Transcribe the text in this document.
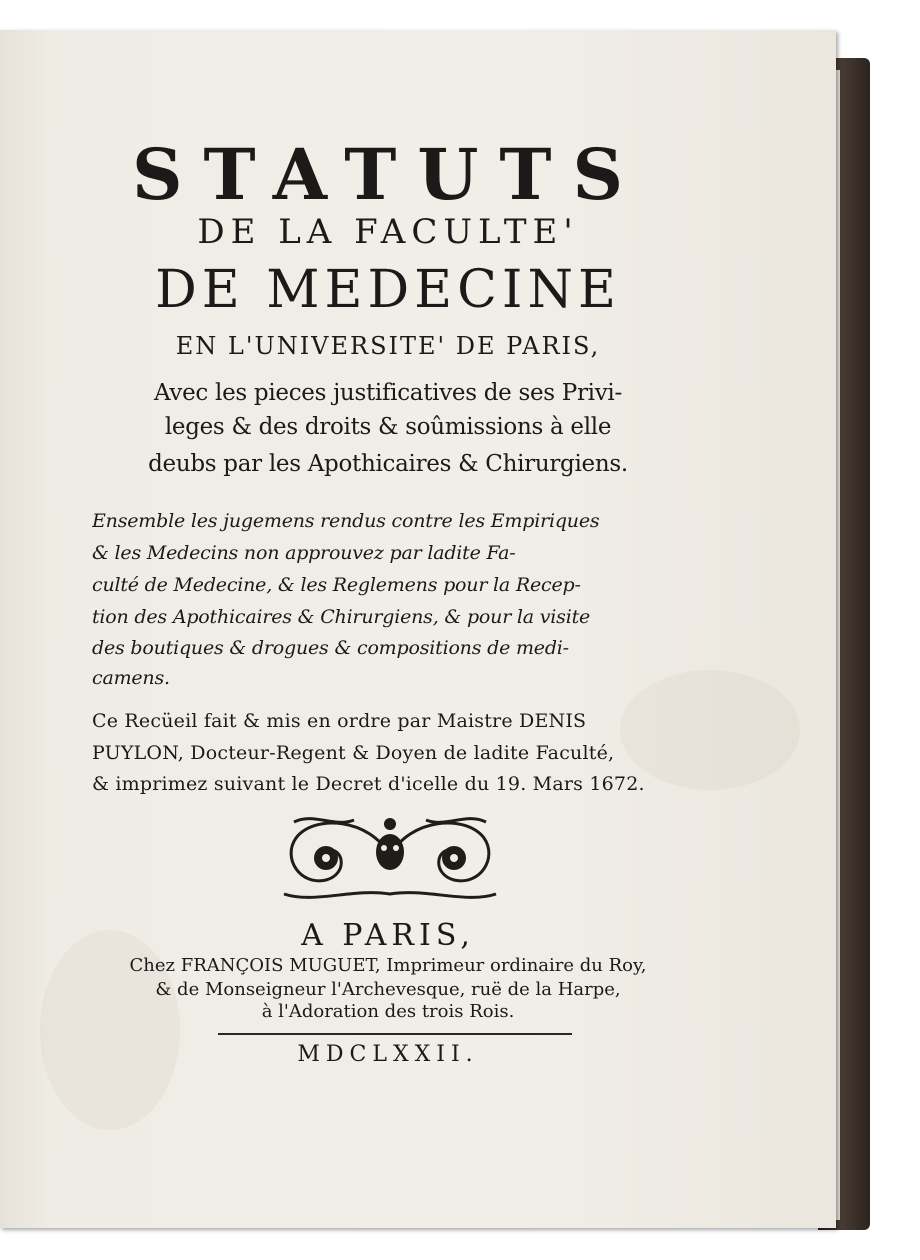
STATUTS
DE LA FACULTE'
DE MEDECINE
EN L'UNIVERSITE' DE PARIS,
Avec les pieces justificatives de ses Privi-
leges & des droits & soûmissions à elle
deubs par les Apothicaires & Chirurgiens.
Ensemble les jugemens rendus contre les Empiriques
& les Medecins non approuvez par ladite Fa-
culté de Medecine, & les Reglemens pour la Recep-
tion des Apothicaires & Chirurgiens, & pour la visite
des boutiques & drogues & compositions de medi-
camens.
Ce Recüeil fait & mis en ordre par Maistre DENIS
PUYLON, Docteur-Regent & Doyen de ladite Faculté,
& imprimez suivant le Decret d'icelle du 19. Mars 1672.
A PARIS,
Chez FRANÇOIS MUGUET, Imprimeur ordinaire du Roy,
& de Monseigneur l'Archevesque, ruë de la Harpe,
à l'Adoration des trois Rois.
MDCLXXII.
